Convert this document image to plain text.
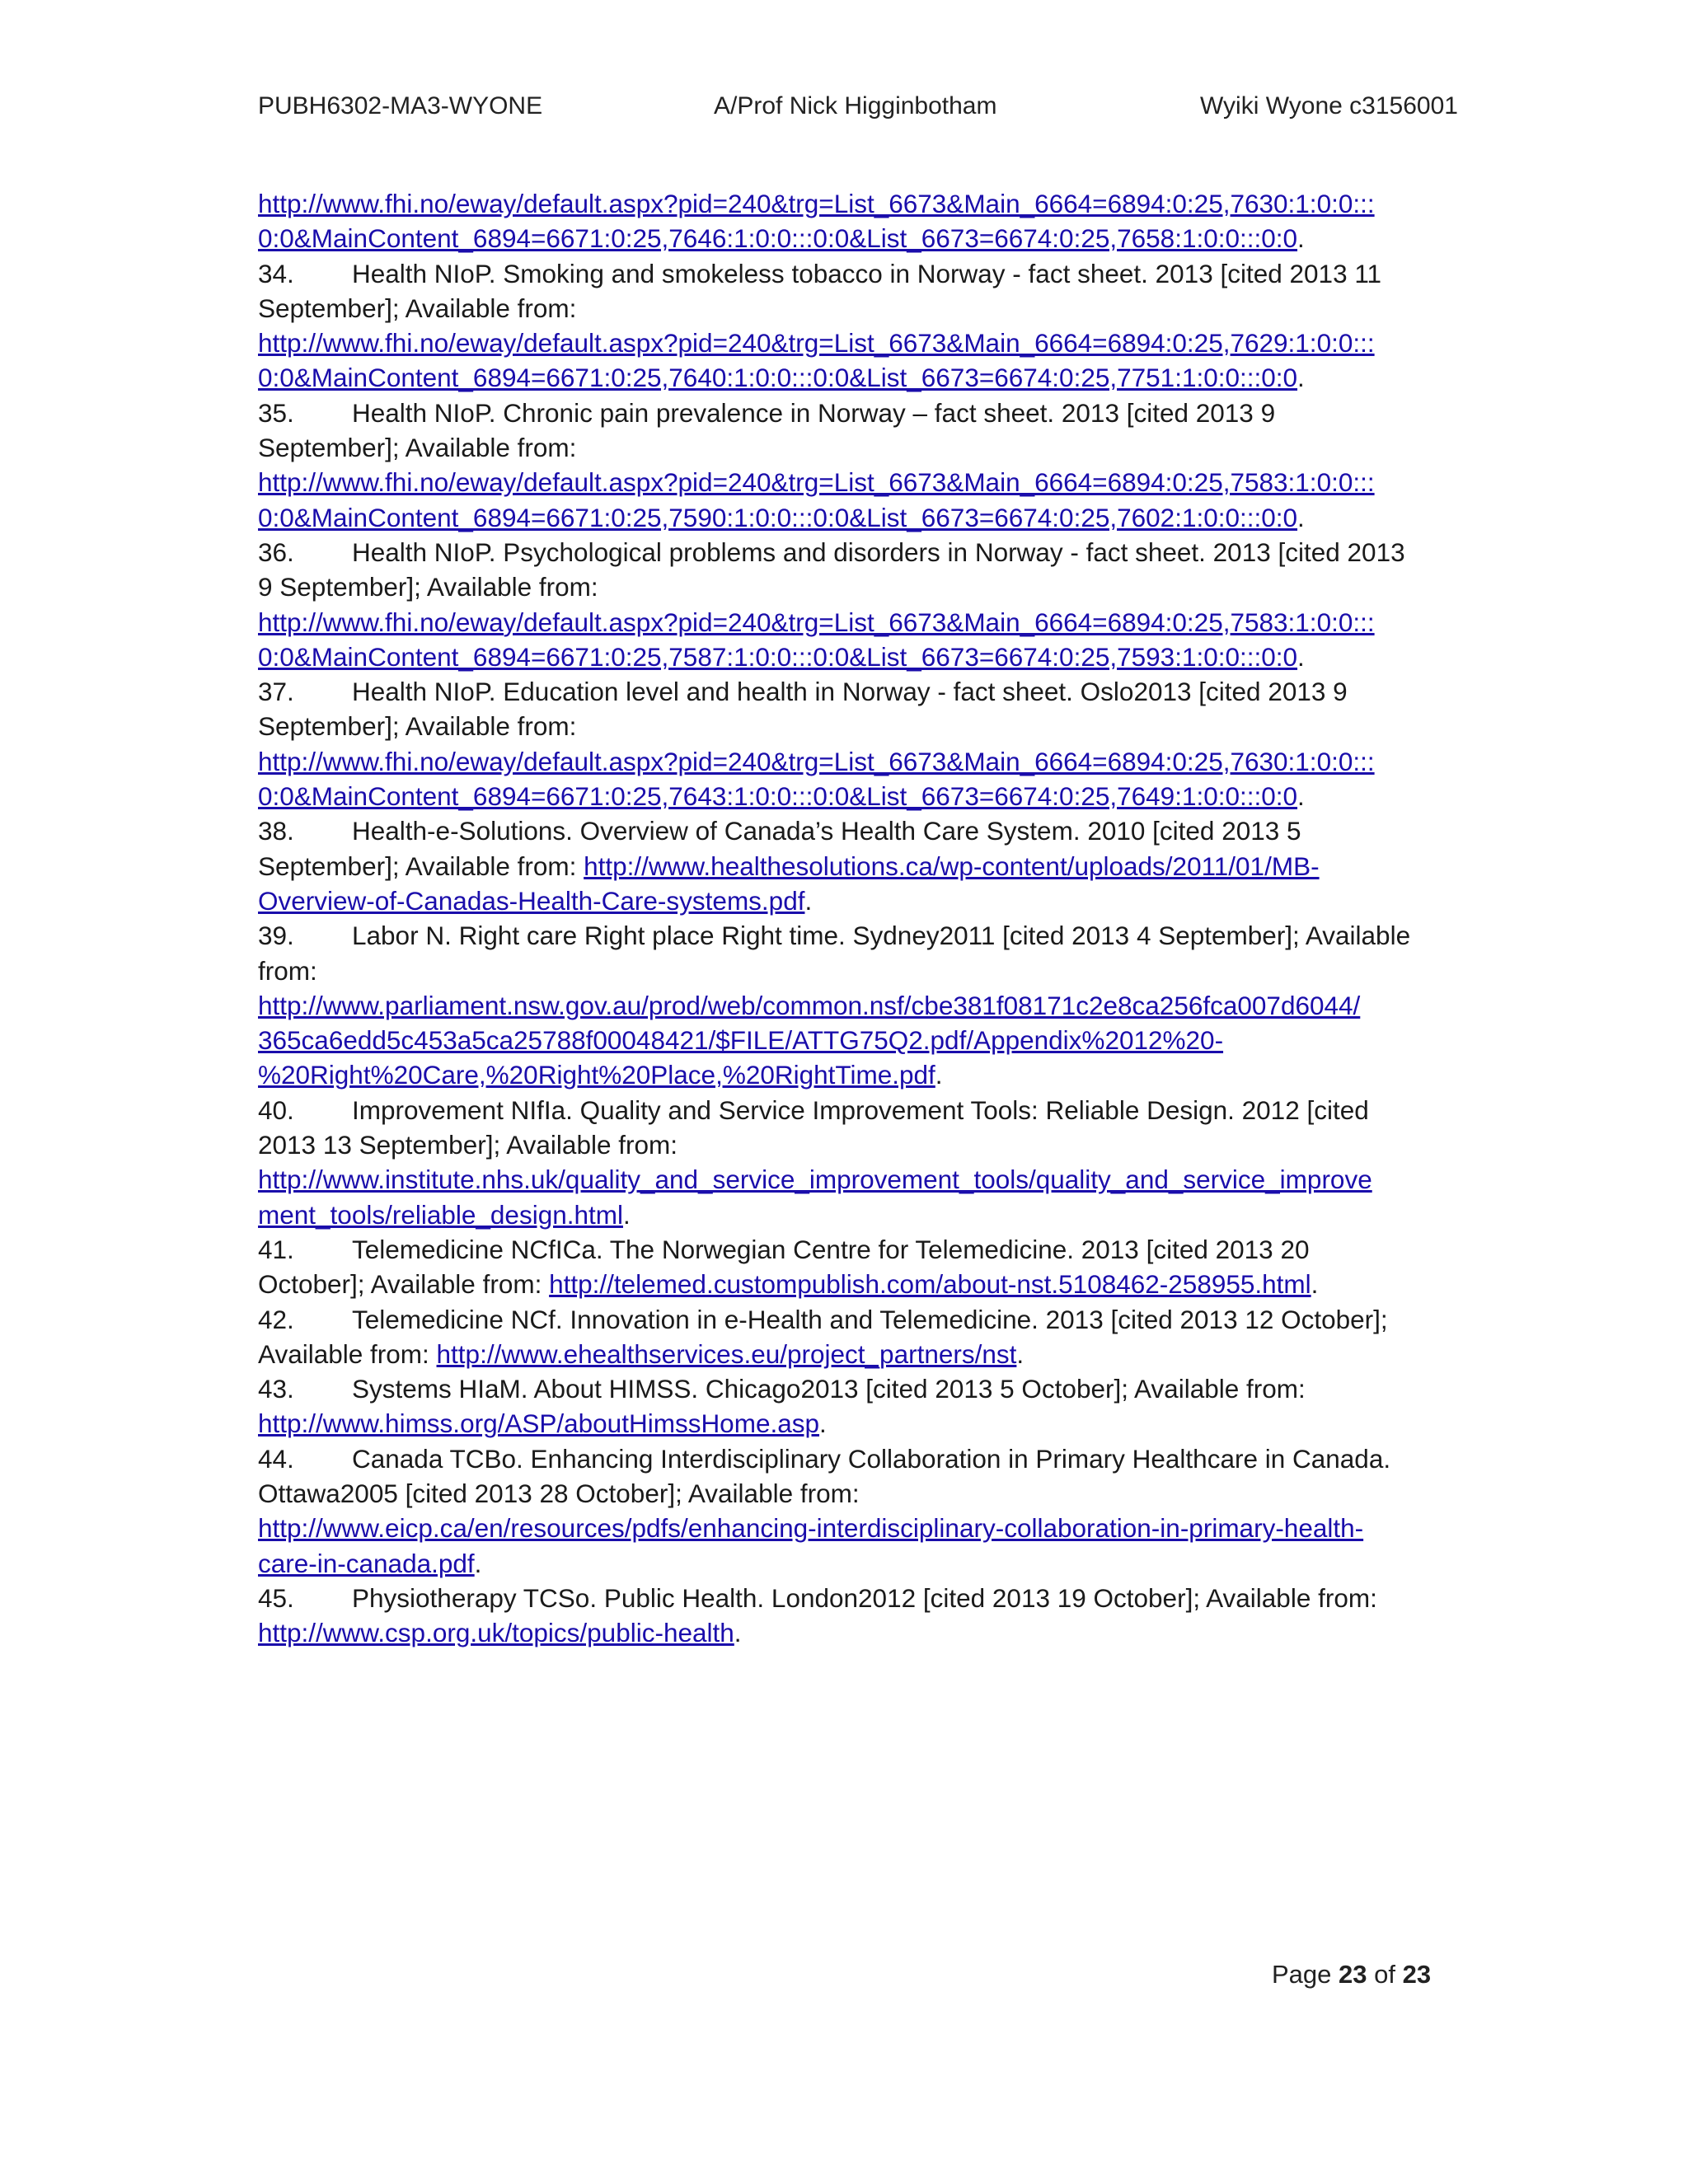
PUBH6302-MA3-WYONE	A/Prof Nick Higginbotham	Wyiki Wyone c3156001

http://www.fhi.no/eway/default.aspx?pid=240&trg=List_6673&Main_6664=6894:0:25,7630:1:0:0:::
0:0&MainContent_6894=6671:0:25,7646:1:0:0:::0:0&List_6673=6674:0:25,7658:1:0:0:::0:0.

34. Health NIoP. Smoking and smokeless tobacco in Norway - fact sheet. 2013 [cited 2013 11
September]; Available from:

http://www.fhi.no/eway/default.aspx?pid=240&trg=List_6673&Main_6664=6894:0:25,7629:1:0:0:::
0:0&MainContent_6894=6671:0:25,7640:1:0:0:::0:0&List_6673=6674:0:25,7751:1:0:0:::0:0.

35. Health NIoP. Chronic pain prevalence in Norway – fact sheet. 2013 [cited 2013 9
September]; Available from:

http://www.fhi.no/eway/default.aspx?pid=240&trg=List_6673&Main_6664=6894:0:25,7583:1:0:0:::
0:0&MainContent_6894=6671:0:25,7590:1:0:0:::0:0&List_6673=6674:0:25,7602:1:0:0:::0:0.

36. Health NIoP. Psychological problems and disorders in Norway - fact sheet. 2013 [cited 2013
9 September]; Available from:

http://www.fhi.no/eway/default.aspx?pid=240&trg=List_6673&Main_6664=6894:0:25,7583:1:0:0:::
0:0&MainContent_6894=6671:0:25,7587:1:0:0:::0:0&List_6673=6674:0:25,7593:1:0:0:::0:0.

37. Health NIoP. Education level and health in Norway - fact sheet. Oslo2013 [cited 2013 9
September]; Available from:

http://www.fhi.no/eway/default.aspx?pid=240&trg=List_6673&Main_6664=6894:0:25,7630:1:0:0:::
0:0&MainContent_6894=6671:0:25,7643:1:0:0:::0:0&List_6673=6674:0:25,7649:1:0:0:::0:0.

38. Health-e-Solutions. Overview of Canada’s Health Care System. 2010 [cited 2013 5
September]; Available from: http://www.healthesolutions.ca/wp-content/uploads/2011/01/MB-
Overview-of-Canadas-Health-Care-systems.pdf.

39. Labor N. Right care Right place Right time. Sydney2011 [cited 2013 4 September]; Available
from:

http://www.parliament.nsw.gov.au/prod/web/common.nsf/cbe381f08171c2e8ca256fca007d6044/
365ca6edd5c453a5ca25788f00048421/$FILE/ATTG75Q2.pdf/Appendix%2012%20-
%20Right%20Care,%20Right%20Place,%20RightTime.pdf.

40. Improvement NIfIa. Quality and Service Improvement Tools: Reliable Design. 2012 [cited
2013 13 September]; Available from:

http://www.institute.nhs.uk/quality_and_service_improvement_tools/quality_and_service_improve
ment_tools/reliable_design.html.

41. Telemedicine NCfICa. The Norwegian Centre for Telemedicine. 2013 [cited 2013 20
October]; Available from: http://telemed.custompublish.com/about-nst.5108462-258955.html.

42. Telemedicine NCf. Innovation in e-Health and Telemedicine. 2013 [cited 2013 12 October];
Available from: http://www.ehealthservices.eu/project_partners/nst.

43. Systems HIaM. About HIMSS. Chicago2013 [cited 2013 5 October]; Available from:
http://www.himss.org/ASP/aboutHimssHome.asp.

44. Canada TCBo. Enhancing Interdisciplinary Collaboration in Primary Healthcare in Canada.
Ottawa2005 [cited 2013 28 October]; Available from:

http://www.eicp.ca/en/resources/pdfs/enhancing-interdisciplinary-collaboration-in-primary-health-
care-in-canada.pdf.

45. Physiotherapy TCSo. Public Health. London2012 [cited 2013 19 October]; Available from:
http://www.csp.org.uk/topics/public-health.

Page 23 of 23
